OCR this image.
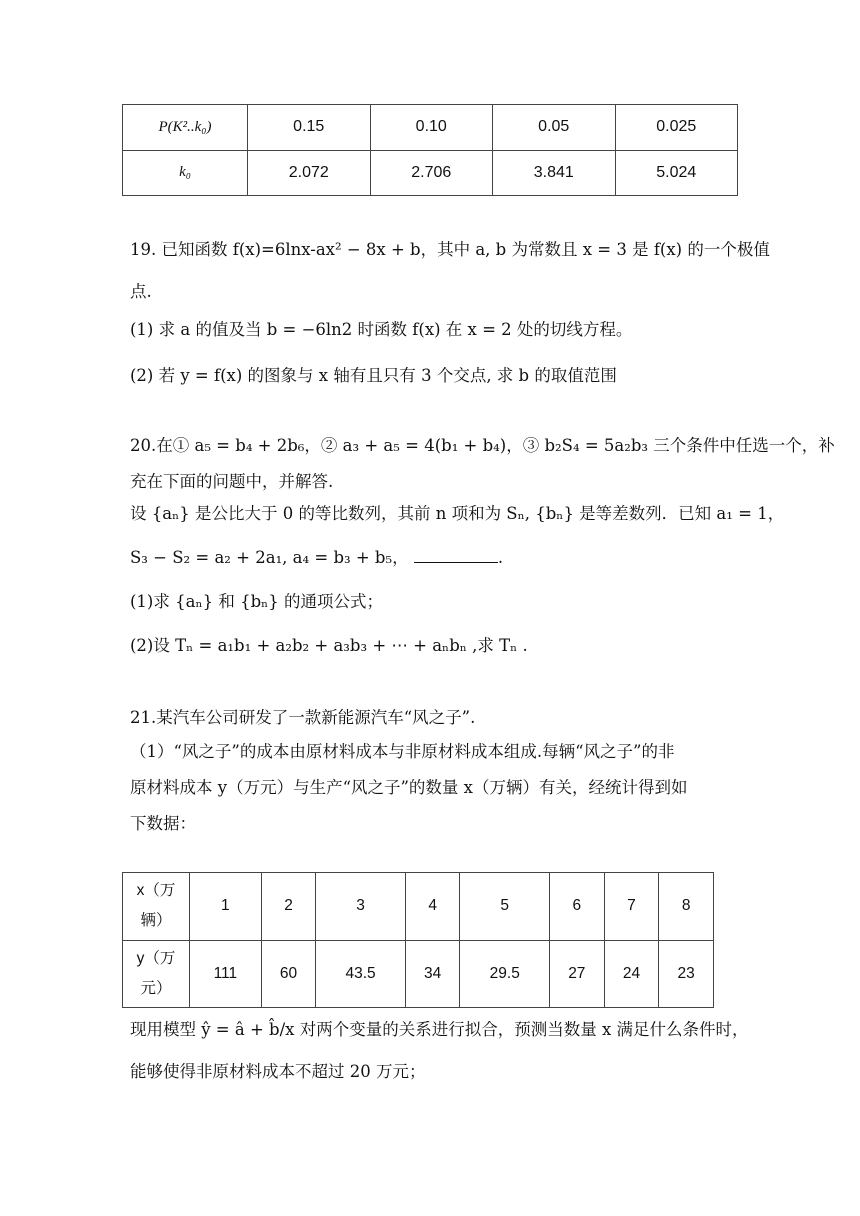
P(K²..k₀)	0.15	0.10	0.05	0.025
k₀	2.072	2.706	3.841	5.024
19. 已知函数 f(x)=6lnx-ax² − 8x + b，其中 a, b 为常数且 x = 3 是 f(x) 的一个极值
点.
(1) 求 a 的值及当 b = −6ln2 时函数 f(x) 在 x = 2 处的切线方程。
(2) 若 y = f(x) 的图象与 x 轴有且只有 3 个交点, 求 b 的取值范围
20.在① a₅ = b₄ + 2b₆，② a₃ + a₅ = 4(b₁ + b₄)，③ b₂S₄ = 5a₂b₃ 三个条件中任选一个，补
充在下面的问题中，并解答.
设 {aₙ} 是公比大于 0 的等比数列，其前 n 项和为 Sₙ, {bₙ} 是等差数列．已知 a₁ = 1，
S₃ − S₂ = a₂ + 2a₁, a₄ = b₃ + b₅，	.
(1)求 {aₙ} 和 {bₙ} 的通项公式；
(2)设 Tₙ = a₁b₁ + a₂b₂ + a₃b₃ + ⋯ + aₙbₙ ,求 Tₙ .
21.某汽车公司研发了一款新能源汽车“风之子”.
（1）“风之子”的成本由原材料成本与非原材料成本组成.每辆“风之子”的非
原材料成本 y（万元）与生产“风之子”的数量 x（万辆）有关，经统计得到如
下数据：
x（万
辆）	1	2	3	4	5	6	7	8

y（万
元）	111	60	43.5	34	29.5	27	24	23
现用模型 ŷ = â + b̂/x 对两个变量的关系进行拟合，预测当数量 x 满足什么条件时，
能够使得非原材料成本不超过 20 万元；
